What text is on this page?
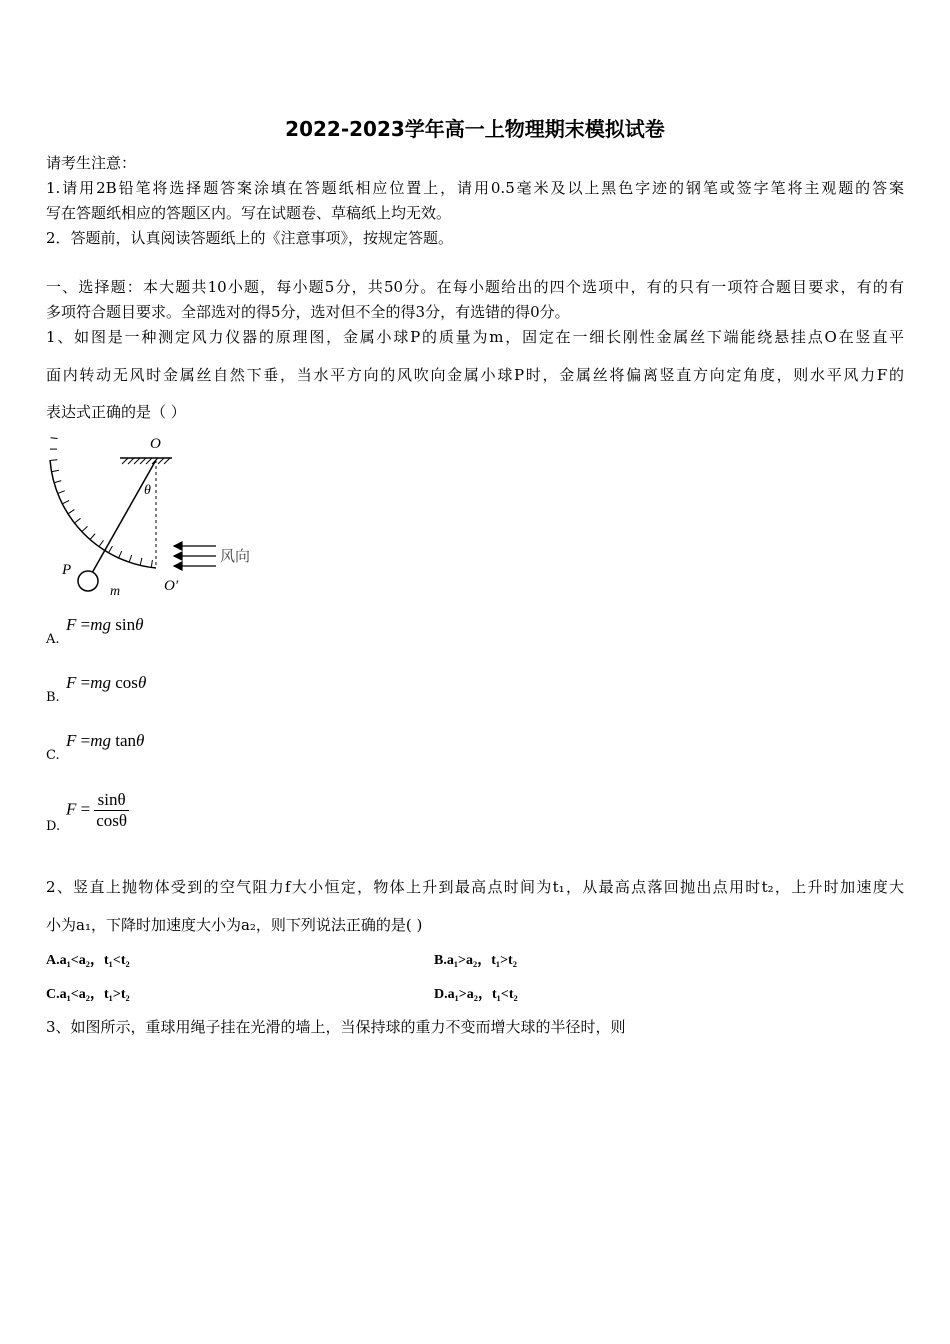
2022-2023学年高一上物理期末模拟试卷
请考生注意：
1.请用2B铅笔将选择题答案涂填在答题纸相应位置上，请用0.5毫米及以上黑色字迹的钢笔或签字笔将主观题的答案
写在答题纸相应的答题区内。写在试题卷、草稿纸上均无效。
2．答题前，认真阅读答题纸上的《注意事项》，按规定答题。
一、选择题：本大题共10小题，每小题5分，共50分。在每小题给出的四个选项中，有的只有一项符合题目要求，有的有
多项符合题目要求。全部选对的得5分，选对但不全的得3分，有选错的得0分。
1、如图是一种测定风力仪器的原理图，金属小球P的质量为m，固定在一细长刚性金属丝下端能绕悬挂点O在竖直平
面内转动无风时金属丝自然下垂，当水平方向的风吹向金属小球P时，金属丝将偏离竖直方向定角度，则水平风力F的
表达式正确的是（ ）
O
θ
P
m	O′
风向
F =mg sinθ
A.
F =mg cosθ
B.
F =mg tanθ
C.
$F = \frac{\sin\theta}{\cos\theta}$
D.
2、竖直上抛物体受到的空气阻力f大小恒定，物体上升到最高点时间为t₁，从最高点落回抛出点用时t₂，上升时加速度大
小为a₁，下降时加速度大小为a₂，则下列说法正确的是( )
A.a₁<a₂，t₁<t₂	B.a₁>a₂，t₁>t₂
C.a₁<a₂，t₁>t₂	D.a₁>a₂，t₁<t₂
3、如图所示，重球用绳子挂在光滑的墙上，当保持球的重力不变而增大球的半径时，则
